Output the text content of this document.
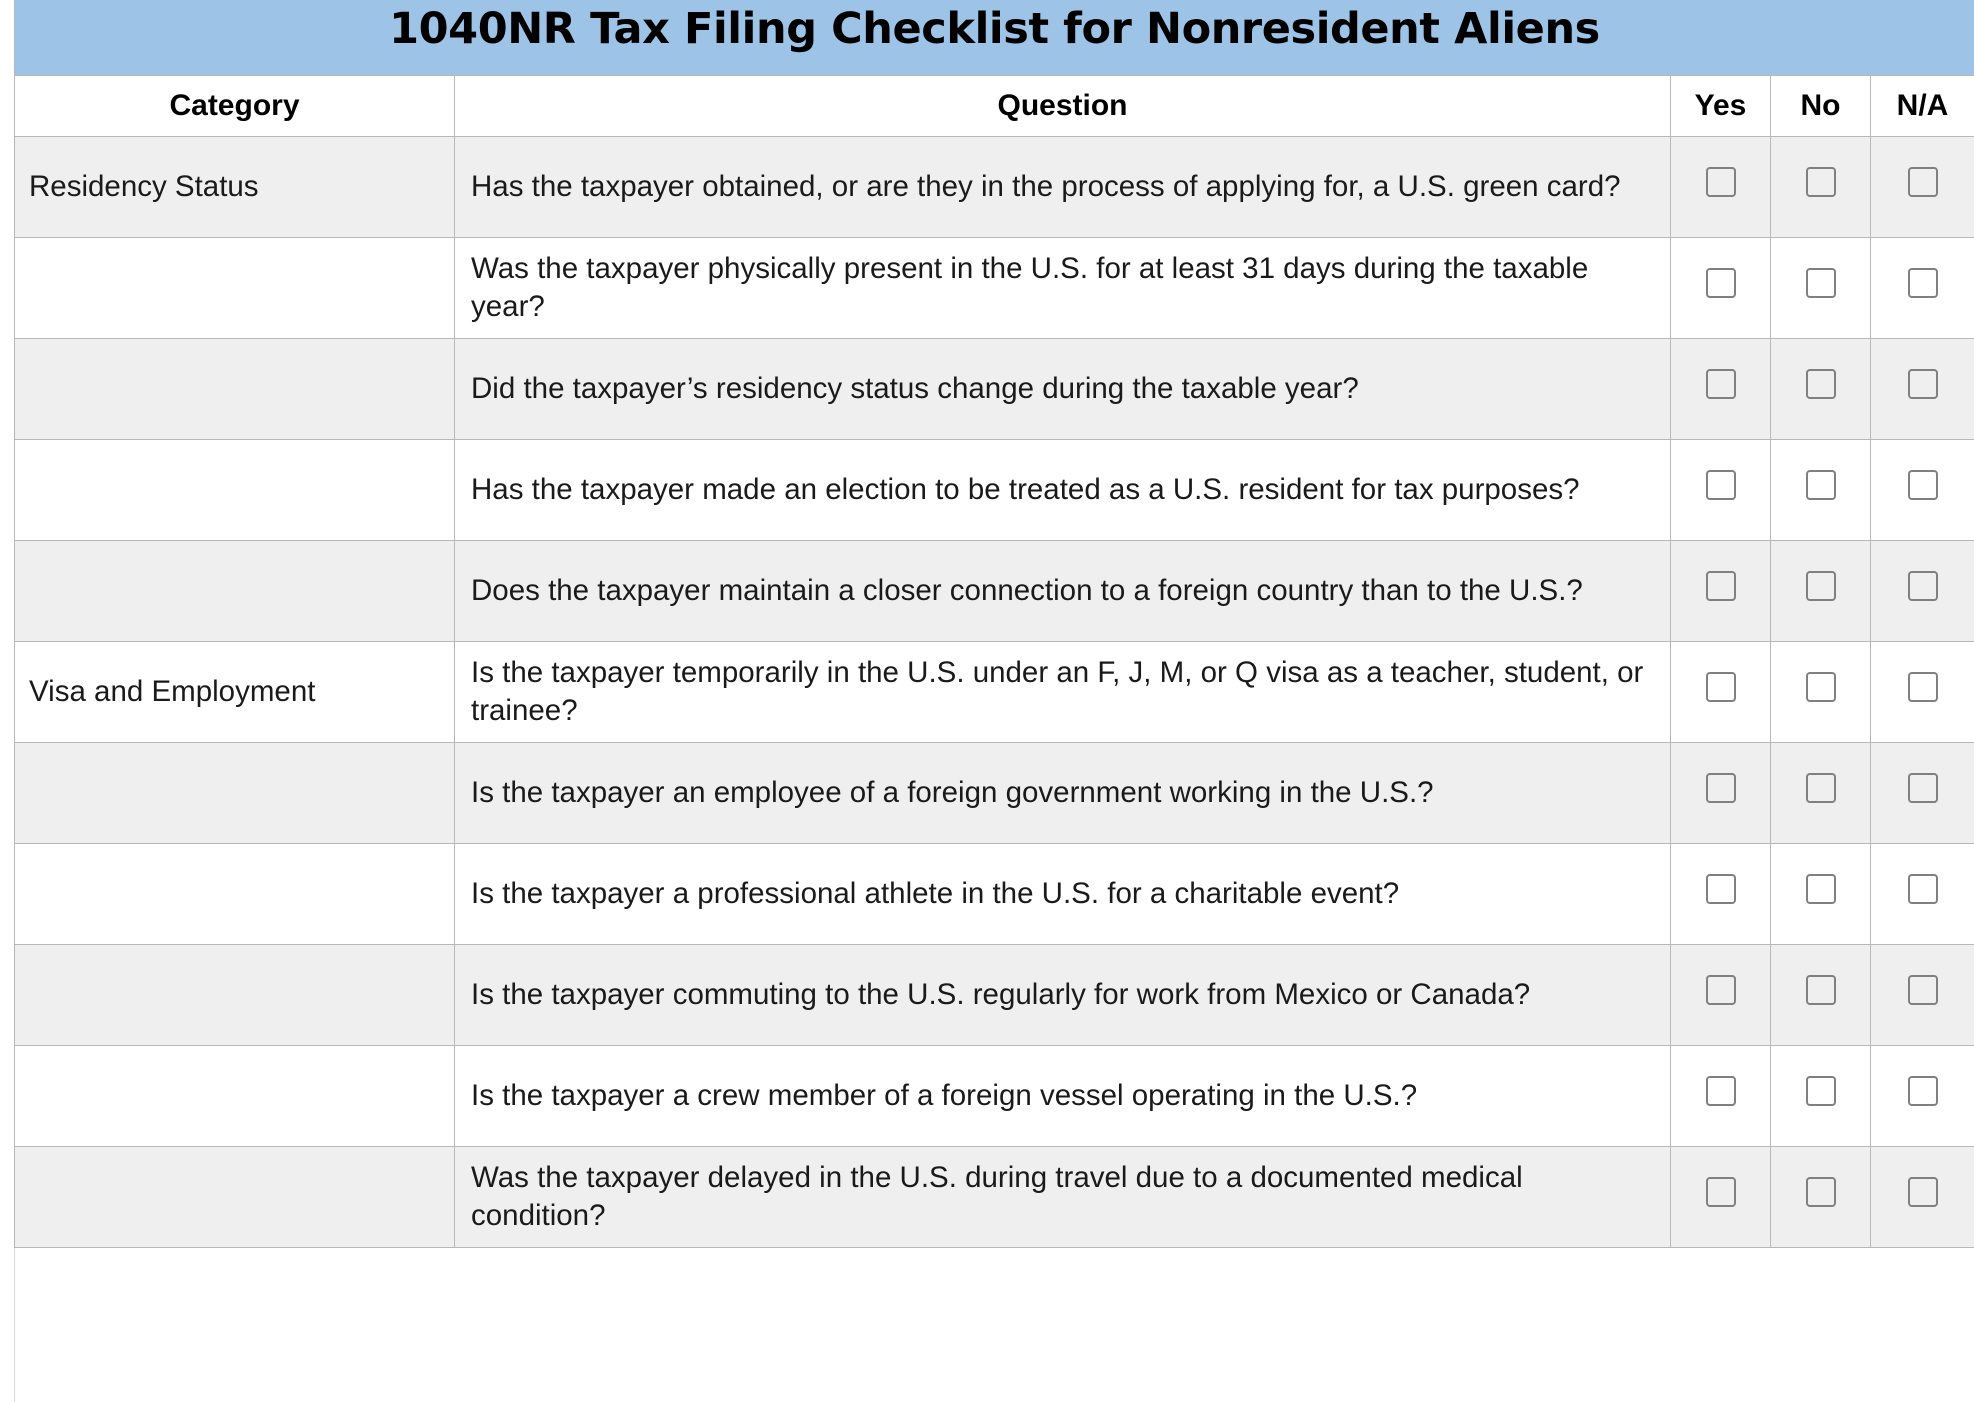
1040NR Tax Filing Checklist for Nonresident Aliens				
Category	Question	Yes	No	N/A
Residency Status	Has the taxpayer obtained, or are they in the process of applying for, a U.S. green card?			
	Was the taxpayer physically present in the U.S. for at least 31 days during the taxable year?			
	Did the taxpayer’s residency status change during the taxable year?			
	Has the taxpayer made an election to be treated as a U.S. resident for tax purposes?			
	Does the taxpayer maintain a closer connection to a foreign country than to the U.S.?			
Visa and Employment	Is the taxpayer temporarily in the U.S. under an F, J, M, or Q visa as a teacher, student, or trainee?			
	Is the taxpayer an employee of a foreign government working in the U.S.?			
	Is the taxpayer a professional athlete in the U.S. for a charitable event?			
	Is the taxpayer commuting to the U.S. regularly for work from Mexico or Canada?			
	Is the taxpayer a crew member of a foreign vessel operating in the U.S.?			
	Was the taxpayer delayed in the U.S. during travel due to a documented medical condition?			
